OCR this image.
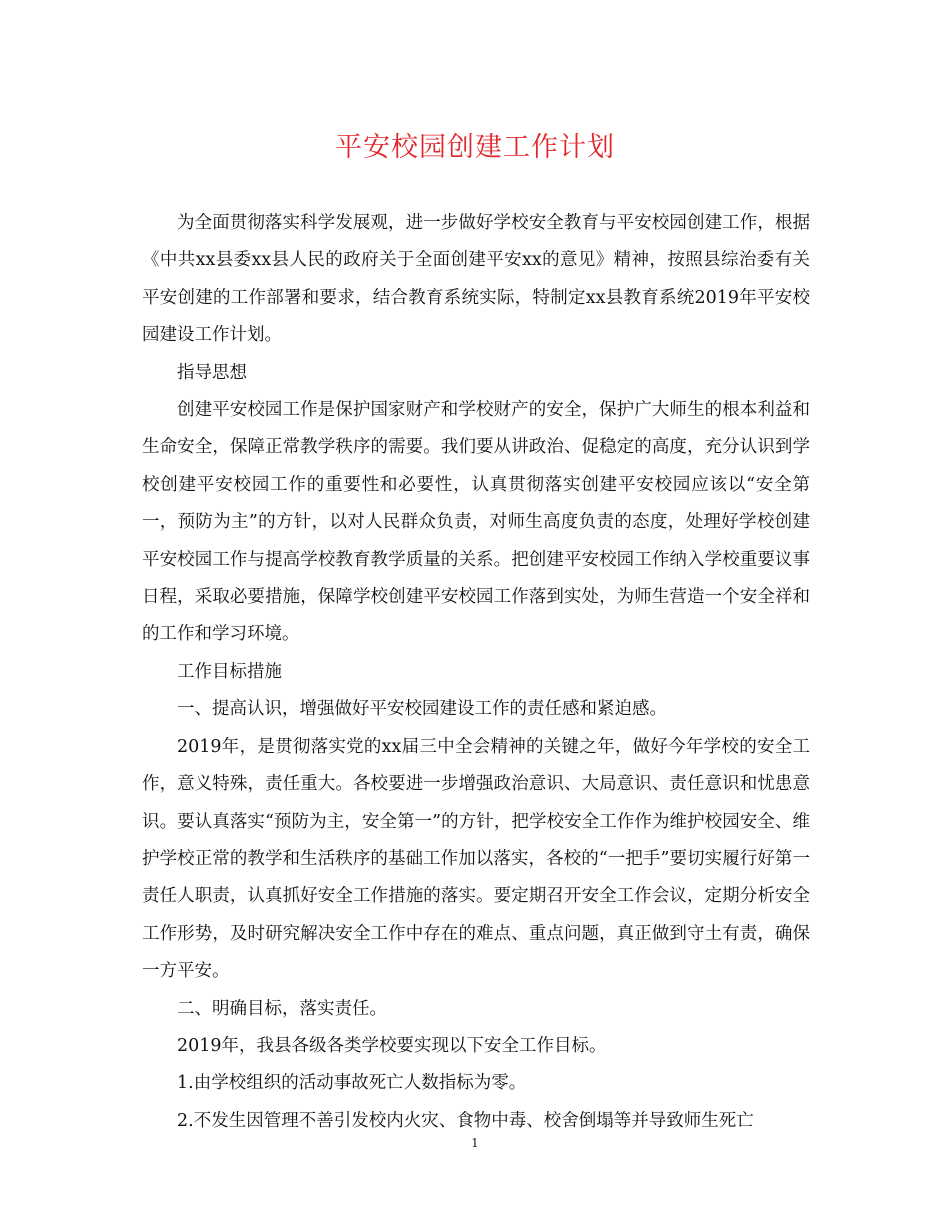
平安校园创建工作计划

为全面贯彻落实科学发展观，进一步做好学校安全教育与平安校园创建工作，根据《中共xx县委xx县人民的政府关于全面创建平安xx的意见》精神，按照县综治委有关平安创建的工作部署和要求，结合教育系统实际，特制定xx县教育系统2019年平安校园建设工作计划。

指导思想

创建平安校园工作是保护国家财产和学校财产的安全，保护广大师生的根本利益和生命安全，保障正常教学秩序的需要。我们要从讲政治、促稳定的高度，充分认识到学校创建平安校园工作的重要性和必要性，认真贯彻落实创建平安校园应该以“安全第一，预防为主”的方针，以对人民群众负责，对师生高度负责的态度，处理好学校创建平安校园工作与提高学校教育教学质量的关系。把创建平安校园工作纳入学校重要议事日程，采取必要措施，保障学校创建平安校园工作落到实处，为师生营造一个安全祥和的工作和学习环境。

工作目标措施

一、提高认识，增强做好平安校园建设工作的责任感和紧迫感。

2019年，是贯彻落实党的xx届三中全会精神的关键之年，做好今年学校的安全工作，意义特殊，责任重大。各校要进一步增强政治意识、大局意识、责任意识和忧患意识。要认真落实“预防为主，安全第一”的方针，把学校安全工作作为维护校园安全、维护学校正常的教学和生活秩序的基础工作加以落实，各校的“一把手”要切实履行好第一责任人职责，认真抓好安全工作措施的落实。要定期召开安全工作会议，定期分析安全工作形势，及时研究解决安全工作中存在的难点、重点问题，真正做到守土有责，确保一方平安。

二、明确目标，落实责任。

2019年，我县各级各类学校要实现以下安全工作目标。

1.由学校组织的活动事故死亡人数指标为零。

2.不发生因管理不善引发校内火灾、食物中毒、校舍倒塌等并导致师生死亡

1
